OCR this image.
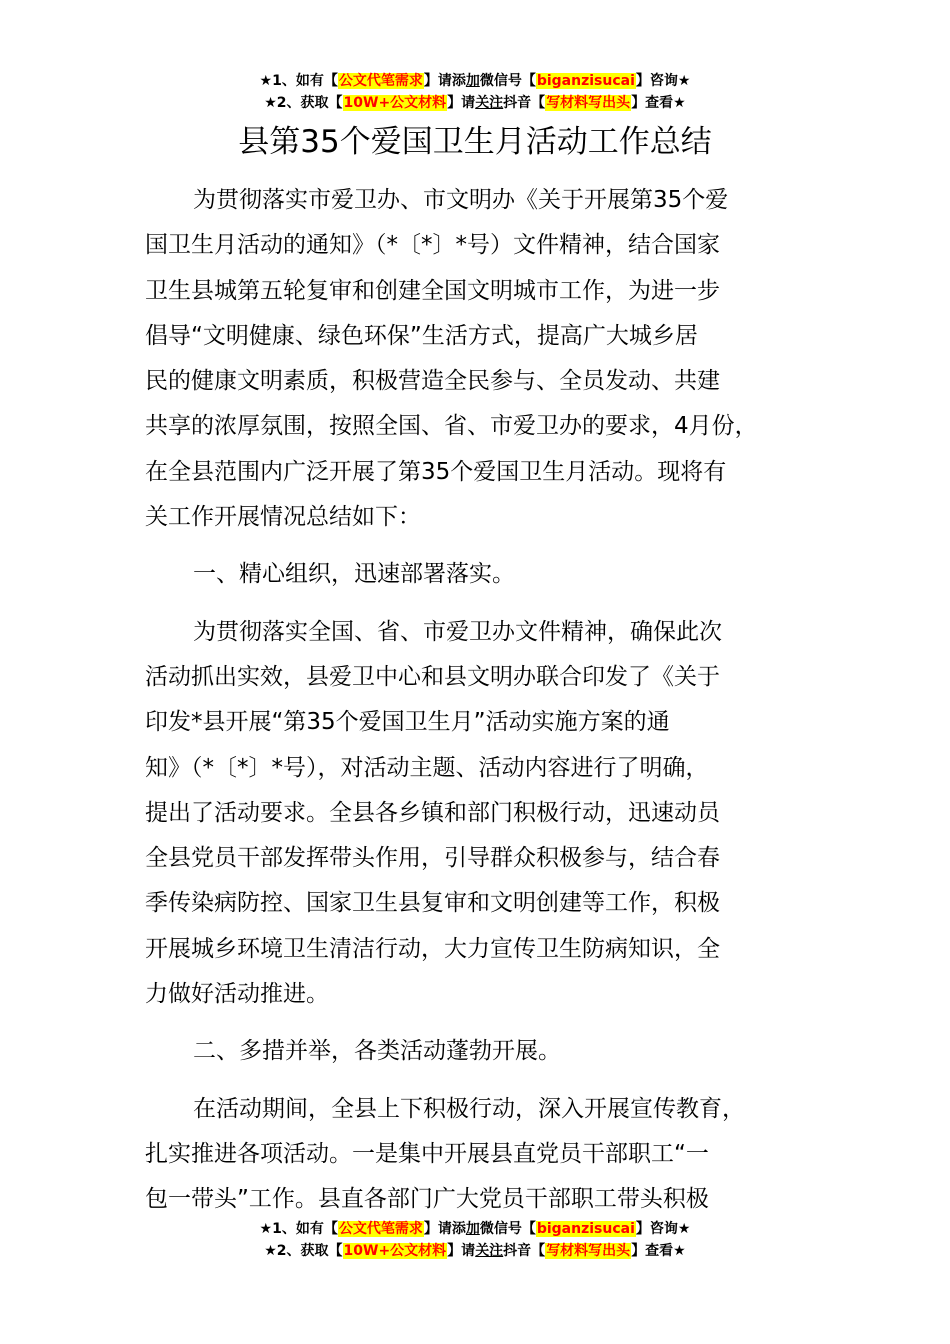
★1、如有【公文代笔需求】请添加微信号【biganzisucai】咨询★
★2、获取【10W+公文材料】请关注抖音【写材料写出头】查看★
县第35个爱国卫生月活动工作总结

为贯彻落实市爱卫办、市文明办《关于开展第35个爱

国卫生月活动的通知》（*〔*〕*号）文件精神，结合国家

卫生县城第五轮复审和创建全国文明城市工作，为进一步

倡导“文明健康、绿色环保”生活方式，提高广大城乡居

民的健康文明素质，积极营造全民参与、全员发动、共建

共享的浓厚氛围，按照全国、省、市爱卫办的要求，4月份，

在全县范围内广泛开展了第35个爱国卫生月活动。现将有

关工作开展情况总结如下：

一、精心组织，迅速部署落实。

为贯彻落实全国、省、市爱卫办文件精神，确保此次

活动抓出实效，县爱卫中心和县文明办联合印发了《关于

印发*县开展“第35个爱国卫生月”活动实施方案的通

知》（*〔*〕*号），对活动主题、活动内容进行了明确，

提出了活动要求。全县各乡镇和部门积极行动，迅速动员

全县党员干部发挥带头作用，引导群众积极参与，结合春

季传染病防控、国家卫生县复审和文明创建等工作，积极

开展城乡环境卫生清洁行动，大力宣传卫生防病知识，全

力做好活动推进。

二、多措并举，各类活动蓬勃开展。

在活动期间，全县上下积极行动，深入开展宣传教育，

扎实推进各项活动。一是集中开展县直党员干部职工“一

包一带头”工作。县直各部门广大党员干部职工带头积极

★1、如有【公文代笔需求】请添加微信号【biganzisucai】咨询★
★2、获取【10W+公文材料】请关注抖音【写材料写出头】查看★
